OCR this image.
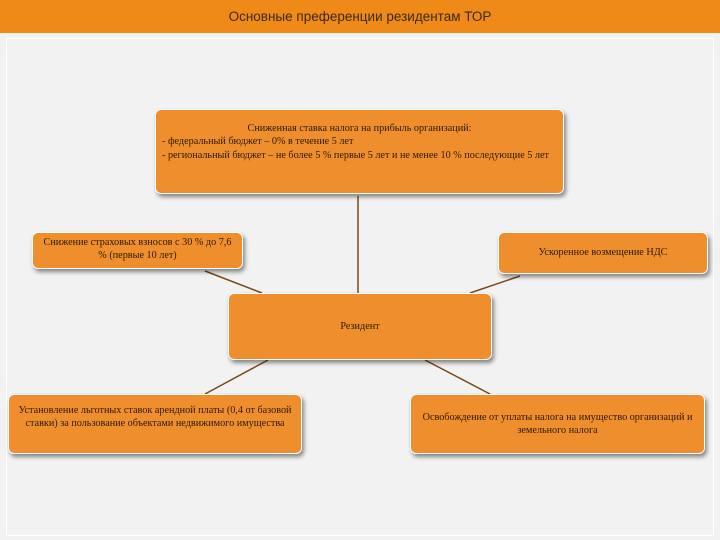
Основные преференции резидентам ТОР
Сниженная ставка налога на прибыль организаций:
- федеральный бюджет – 0% в течение 5 лет
- региональный бюджет – не более 5 % первые 5 лет и не менее 10 % последующие 5 лет
Снижение страховых взносов с 30 % до 7,6 % (первые 10 лет)	Ускоренное возмещение НДС
Резидент
Установление льготных ставок арендной платы (0,4 от базовой ставки) за пользование объектами недвижимого имущества
Освобождение от уплаты налога на имущество организаций и земельного налога
